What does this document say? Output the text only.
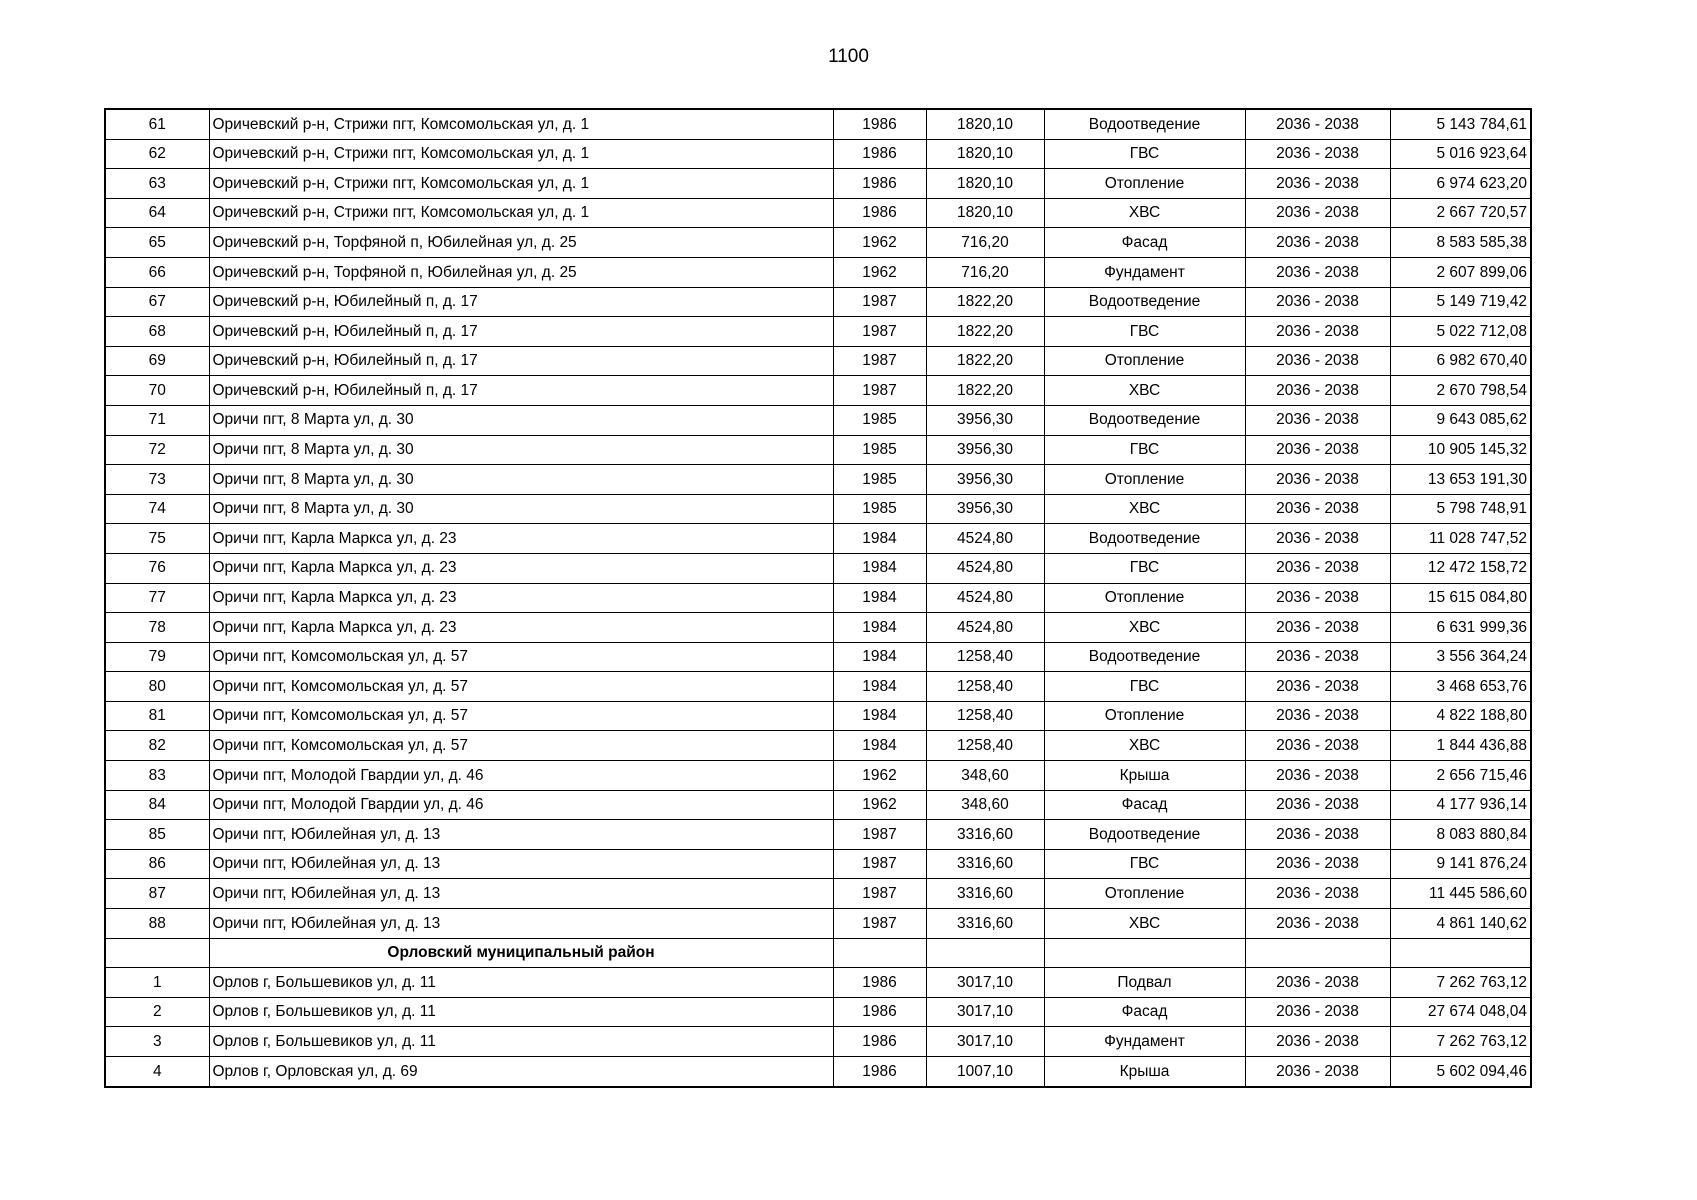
1100
61	Оричевский р-н, Стрижи пгт, Комсомольская ул, д. 1	1986	1820,10	Водоотведение	2036 - 2038	5 143 784,61
62	Оричевский р-н, Стрижи пгт, Комсомольская ул, д. 1	1986	1820,10	ГВС	2036 - 2038	5 016 923,64
63	Оричевский р-н, Стрижи пгт, Комсомольская ул, д. 1	1986	1820,10	Отопление	2036 - 2038	6 974 623,20
64	Оричевский р-н, Стрижи пгт, Комсомольская ул, д. 1	1986	1820,10	ХВС	2036 - 2038	2 667 720,57
65	Оричевский р-н, Торфяной п, Юбилейная ул, д. 25	1962	716,20	Фасад	2036 - 2038	8 583 585,38
66	Оричевский р-н, Торфяной п, Юбилейная ул, д. 25	1962	716,20	Фундамент	2036 - 2038	2 607 899,06
67	Оричевский р-н, Юбилейный п, д. 17	1987	1822,20	Водоотведение	2036 - 2038	5 149 719,42
68	Оричевский р-н, Юбилейный п, д. 17	1987	1822,20	ГВС	2036 - 2038	5 022 712,08
69	Оричевский р-н, Юбилейный п, д. 17	1987	1822,20	Отопление	2036 - 2038	6 982 670,40
70	Оричевский р-н, Юбилейный п, д. 17	1987	1822,20	ХВС	2036 - 2038	2 670 798,54
71	Оричи пгт, 8 Марта ул, д. 30	1985	3956,30	Водоотведение	2036 - 2038	9 643 085,62
72	Оричи пгт, 8 Марта ул, д. 30	1985	3956,30	ГВС	2036 - 2038	10 905 145,32
73	Оричи пгт, 8 Марта ул, д. 30	1985	3956,30	Отопление	2036 - 2038	13 653 191,30
74	Оричи пгт, 8 Марта ул, д. 30	1985	3956,30	ХВС	2036 - 2038	5 798 748,91
75	Оричи пгт, Карла Маркса ул, д. 23	1984	4524,80	Водоотведение	2036 - 2038	11 028 747,52
76	Оричи пгт, Карла Маркса ул, д. 23	1984	4524,80	ГВС	2036 - 2038	12 472 158,72
77	Оричи пгт, Карла Маркса ул, д. 23	1984	4524,80	Отопление	2036 - 2038	15 615 084,80
78	Оричи пгт, Карла Маркса ул, д. 23	1984	4524,80	ХВС	2036 - 2038	6 631 999,36
79	Оричи пгт, Комсомольская ул, д. 57	1984	1258,40	Водоотведение	2036 - 2038	3 556 364,24
80	Оричи пгт, Комсомольская ул, д. 57	1984	1258,40	ГВС	2036 - 2038	3 468 653,76
81	Оричи пгт, Комсомольская ул, д. 57	1984	1258,40	Отопление	2036 - 2038	4 822 188,80
82	Оричи пгт, Комсомольская ул, д. 57	1984	1258,40	ХВС	2036 - 2038	1 844 436,88
83	Оричи пгт, Молодой Гвардии ул, д. 46	1962	348,60	Крыша	2036 - 2038	2 656 715,46
84	Оричи пгт, Молодой Гвардии ул, д. 46	1962	348,60	Фасад	2036 - 2038	4 177 936,14
85	Оричи пгт, Юбилейная ул, д. 13	1987	3316,60	Водоотведение	2036 - 2038	8 083 880,84
86	Оричи пгт, Юбилейная ул, д. 13	1987	3316,60	ГВС	2036 - 2038	9 141 876,24
87	Оричи пгт, Юбилейная ул, д. 13	1987	3316,60	Отопление	2036 - 2038	11 445 586,60
88	Оричи пгт, Юбилейная ул, д. 13	1987	3316,60	ХВС	2036 - 2038	4 861 140,62
	Орловский муниципальный район					
1	Орлов г, Большевиков ул, д. 11	1986	3017,10	Подвал	2036 - 2038	7 262 763,12
2	Орлов г, Большевиков ул, д. 11	1986	3017,10	Фасад	2036 - 2038	27 674 048,04
3	Орлов г, Большевиков ул, д. 11	1986	3017,10	Фундамент	2036 - 2038	7 262 763,12
4	Орлов г, Орловская ул, д. 69	1986	1007,10	Крыша	2036 - 2038	5 602 094,46
